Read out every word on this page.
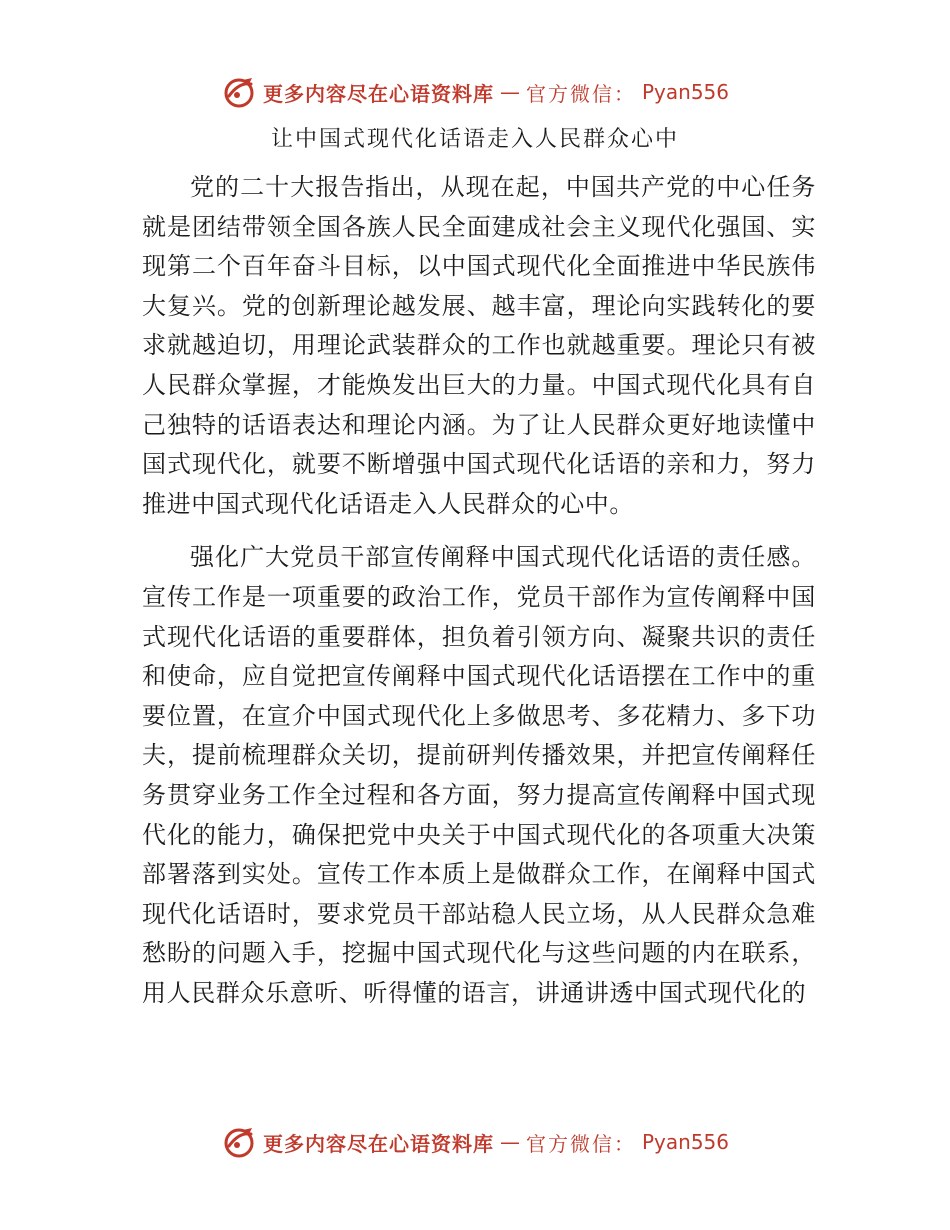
更多内容尽在心语资料库 — 官方微信： Pyan556
让中国式现代化话语走入人民群众心中

党的二十大报告指出，从现在起，中国共产党的中心任务就是团结带领全国各族人民全面建成社会主义现代化强国、实现第二个百年奋斗目标，以中国式现代化全面推进中华民族伟大复兴。党的创新理论越发展、越丰富，理论向实践转化的要求就越迫切，用理论武装群众的工作也就越重要。理论只有被人民群众掌握，才能焕发出巨大的力量。中国式现代化具有自己独特的话语表达和理论内涵。为了让人民群众更好地读懂中国式现代化，就要不断增强中国式现代化话语的亲和力，努力推进中国式现代化话语走入人民群众的心中。

强化广大党员干部宣传阐释中国式现代化话语的责任感。宣传工作是一项重要的政治工作，党员干部作为宣传阐释中国式现代化话语的重要群体，担负着引领方向、凝聚共识的责任和使命，应自觉把宣传阐释中国式现代化话语摆在工作中的重要位置，在宣介中国式现代化上多做思考、多花精力、多下功夫，提前梳理群众关切，提前研判传播效果，并把宣传阐释任务贯穿业务工作全过程和各方面，努力提高宣传阐释中国式现代化的能力，确保把党中央关于中国式现代化的各项重大决策部署落到实处。宣传工作本质上是做群众工作，在阐释中国式现代化话语时，要求党员干部站稳人民立场，从人民群众急难愁盼的问题入手，挖掘中国式现代化与这些问题的内在联系，用人民群众乐意听、听得懂的语言，讲通讲透中国式现代化的

更多内容尽在心语资料库 — 官方微信： Pyan556
